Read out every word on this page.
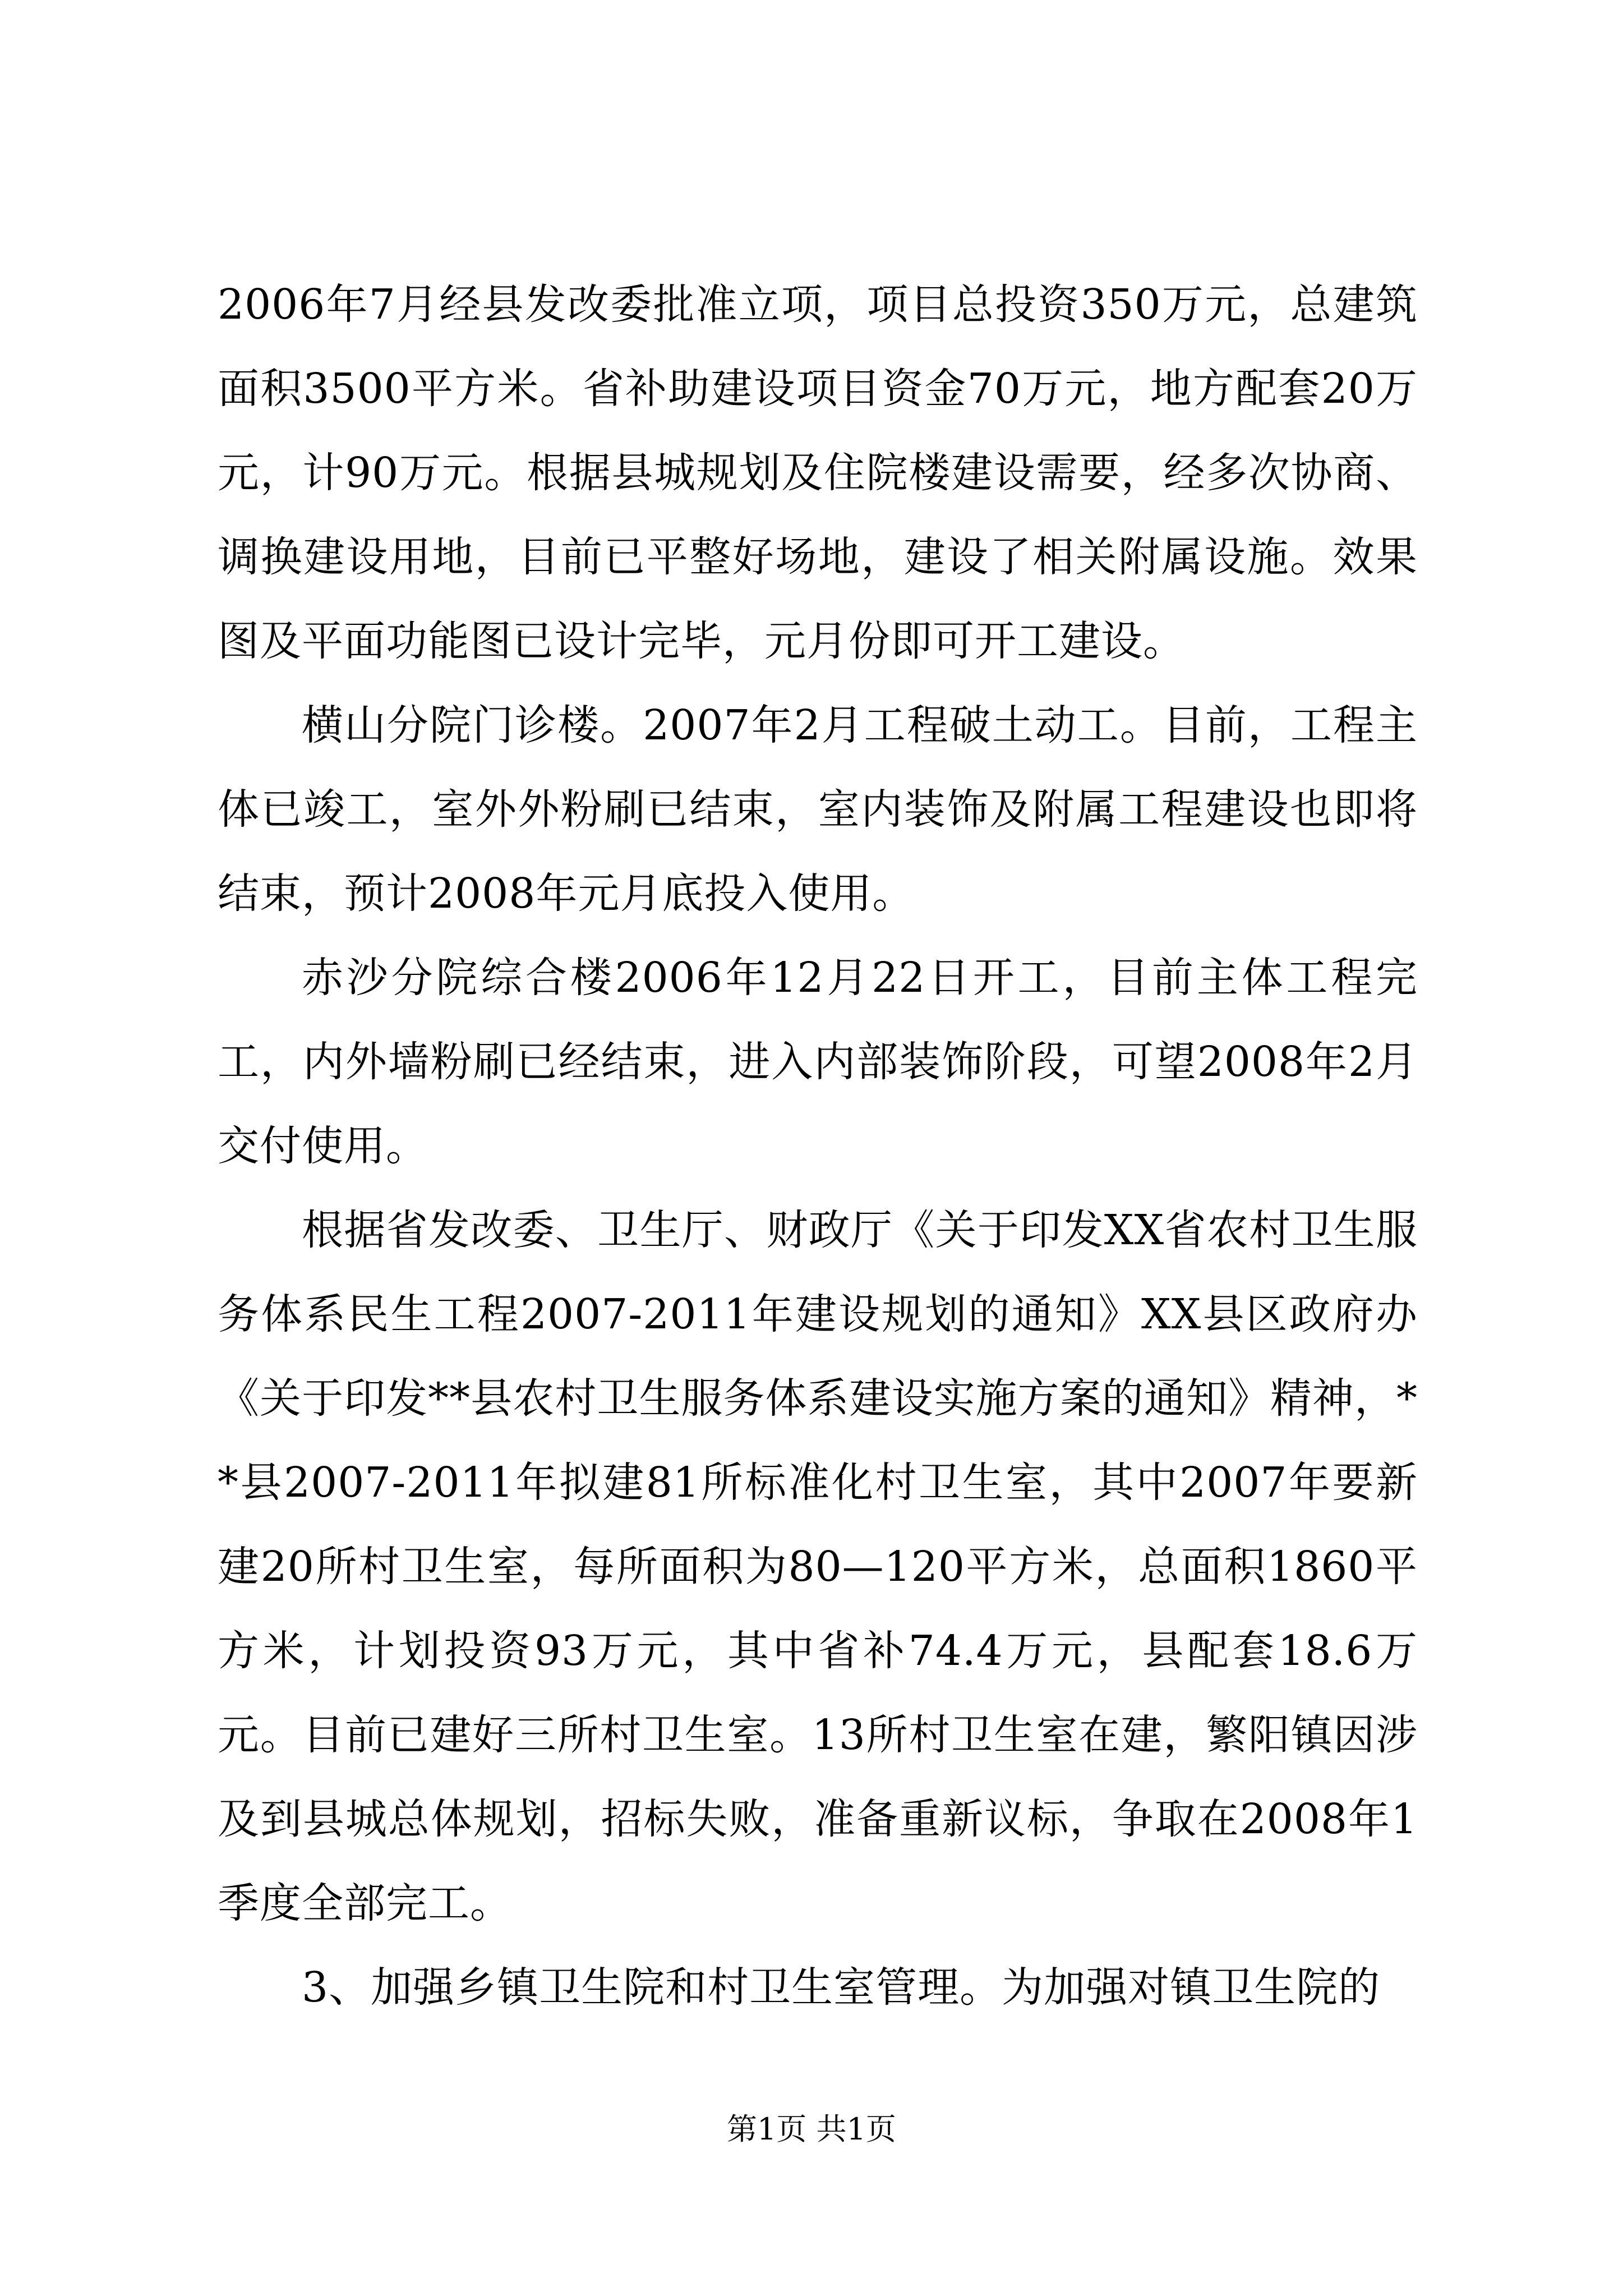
2006年7月经县发改委批准立项，项目总投资350万元，总建筑面积3500平方米。省补助建设项目资金70万元，地方配套20万元，计90万元。根据县城规划及住院楼建设需要，经多次协商、调换建设用地，目前已平整好场地，建设了相关附属设施。效果图及平面功能图已设计完毕，元月份即可开工建设。

横山分院门诊楼。2007年2月工程破土动工。目前，工程主体已竣工，室外外粉刷已结束，室内装饰及附属工程建设也即将结束，预计2008年元月底投入使用。

赤沙分院综合楼2006年12月22日开工，目前主体工程完工，内外墙粉刷已经结束，进入内部装饰阶段，可望2008年2月交付使用。

根据省发改委、卫生厅、财政厅《关于印发XX省农村卫生服务体系民生工程2007-2011年建设规划的通知》XX县区政府办《关于印发**县农村卫生服务体系建设实施方案的通知》精神，**县2007-2011年拟建81所标准化村卫生室，其中2007年要新建20所村卫生室，每所面积为80—120平方米，总面积1860平方米，计划投资93万元，其中省补74.4万元，县配套18.6万元。目前已建好三所村卫生室。13所村卫生室在建，繁阳镇因涉及到县城总体规划，招标失败，准备重新议标，争取在2008年1季度全部完工。

3、加强乡镇卫生院和村卫生室管理。为加强对镇卫生院的

第1页 共1页
